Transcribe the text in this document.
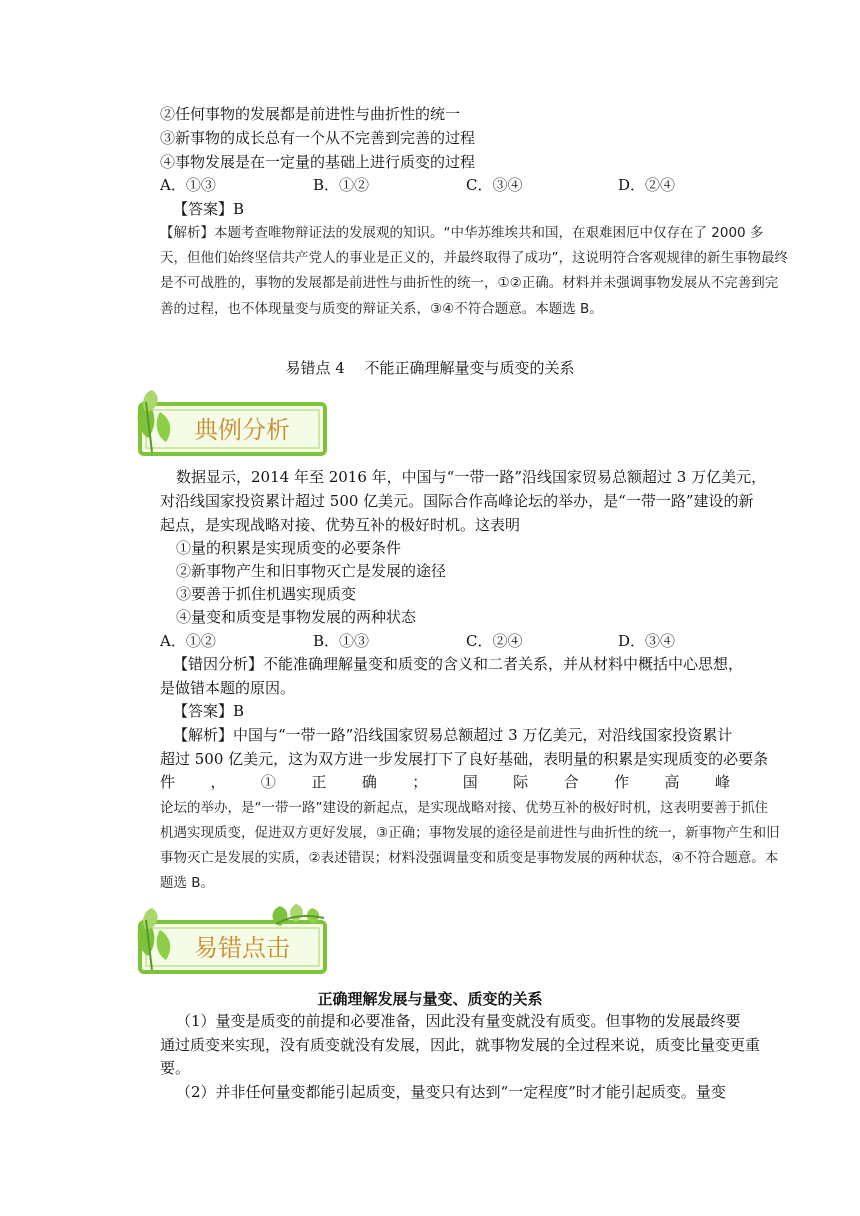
②任何事物的发展都是前进性与曲折性的统一
③新事物的成长总有一个从不完善到完善的过程
④事物发展是在一定量的基础上进行质变的过程
A．①③	B．①②	C．③④	D．②④
【答案】B
【解析】本题考查唯物辩证法的发展观的知识。“中华苏维埃共和国，在艰难困厄中仅存在了 2000 多
天，但他们始终坚信共产党人的事业是正义的，并最终取得了成功”，这说明符合客观规律的新生事物最终
是不可战胜的，事物的发展都是前进性与曲折性的统一，①②正确。材料并未强调事物发展从不完善到完
善的过程，也不体现量变与质变的辩证关系，③④不符合题意。本题选 B。
易错点 4　 不能正确理解量变与质变的关系
典例分析
数据显示，2014 年至 2016 年，中国与“一带一路”沿线国家贸易总额超过 3 万亿美元，
对沿线国家投资累计超过 500 亿美元。国际合作高峰论坛的举办，是“一带一路”建设的新
起点，是实现战略对接、优势互补的极好时机。这表明
①量的积累是实现质变的必要条件
②新事物产生和旧事物灭亡是发展的途径
③要善于抓住机遇实现质变
④量变和质变是事物发展的两种状态
A．①②	B．①③	C．②④	D．③④
【错因分析】不能准确理解量变和质变的含义和二者关系，并从材料中概括中心思想，
是做错本题的原因。
【答案】B
【解析】中国与“一带一路”沿线国家贸易总额超过 3 万亿美元，对沿线国家投资累计
超过 500 亿美元，这为双方进一步发展打下了良好基础，表明量的积累是实现质变的必要条
件，①正确；国际合作高峰
论坛的举办，是“一带一路”建设的新起点，是实现战略对接、优势互补的极好时机，这表明要善于抓住
机遇实现质变，促进双方更好发展，③正确；事物发展的途径是前进性与曲折性的统一，新事物产生和旧
事物灭亡是发展的实质，②表述错误；材料没强调量变和质变是事物发展的两种状态，④不符合题意。本
题选 B。
易错点击
正确理解发展与量变、质变的关系
（1）量变是质变的前提和必要准备，因此没有量变就没有质变。但事物的发展最终要
通过质变来实现，没有质变就没有发展，因此，就事物发展的全过程来说，质变比量变更重
要。
（2）并非任何量变都能引起质变，量变只有达到“一定程度”时才能引起质变。量变
